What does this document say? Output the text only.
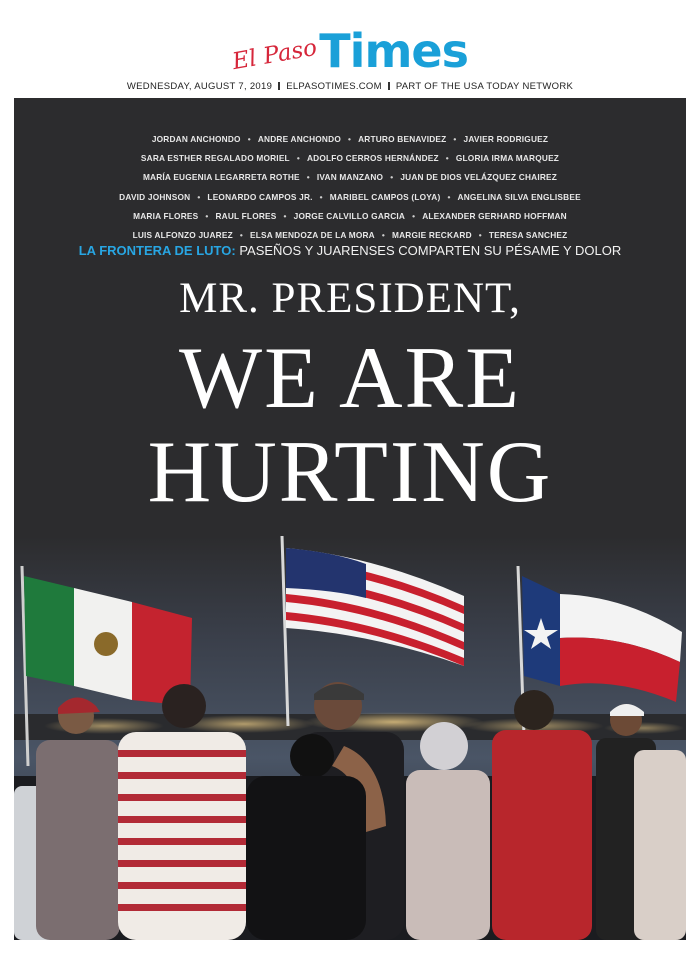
El PasoTimes
WEDNESDAY, AUGUST 7, 2019 ELPASOTIMES.COM PART OF THE USA TODAY NETWORK
JORDAN ANCHONDO • ANDRE ANCHONDO • ARTURO BENAVIDEZ • JAVIER RODRIGUEZ
SARA ESTHER REGALADO MORIEL • ADOLFO CERROS HERNÁNDEZ • GLORIA IRMA MARQUEZ
MARÍA EUGENIA LEGARRETA ROTHE • IVAN MANZANO • JUAN DE DIOS VELÁZQUEZ CHAIREZ
DAVID JOHNSON • LEONARDO CAMPOS JR. • MARIBEL CAMPOS (LOYA) • ANGELINA SILVA ENGLISBEE
MARIA FLORES • RAUL FLORES • JORGE CALVILLO GARCIA • ALEXANDER GERHARD HOFFMAN
LUIS ALFONZO JUAREZ • ELSA MENDOZA DE LA MORA • MARGIE RECKARD • TERESA SANCHEZ
LA FRONTERA DE LUTO: PASEÑOS Y JUARENSES COMPARTEN SU PÉSAME Y DOLOR
MR. PRESIDENT,
WE ARE
HURTING
